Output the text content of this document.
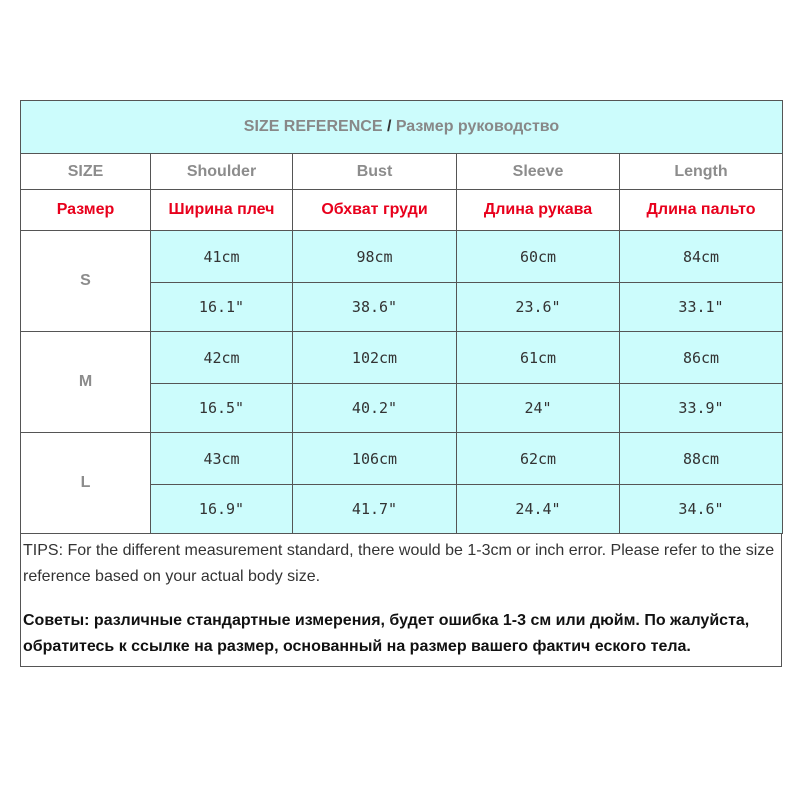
SIZE REFERENCE / Размер руководство				
SIZE	Shoulder	Bust	Sleeve	Length
Размер	Ширина плеч	Обхват груди	Длина рукава	Длина пальто
S	41cm	98cm	60cm	84cm
	16.1"	38.6"	23.6"	33.1"
M	42cm	102cm	61cm	86cm
	16.5"	40.2"	24"	33.9"
L	43cm	106cm	62cm	88cm
	16.9"	41.7"	24.4"	34.6"

TIPS: For the different measurement standard, there would be 1-3cm or inch error. Please refer to the size reference based on your actual body size.

Советы: различные стандартные измерения, будет ошибка 1-3 см или дюйм. По жалуйста, обратитесь к ссылке на размер, основанный на размер вашего фактич еского тела.
